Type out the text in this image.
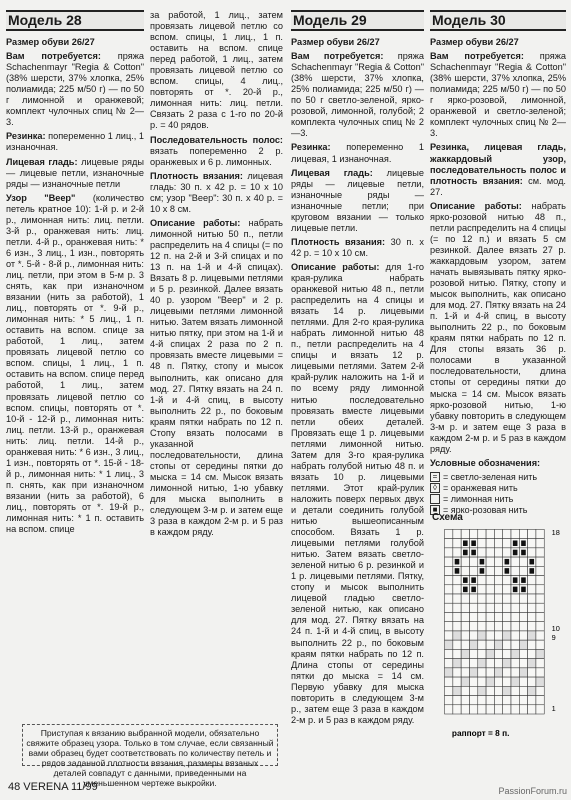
Модель 28

Размер обуви 26/27

Вам потребуется: пряжа Schachenmayr "Regia & Cotton" (38% шерсти, 37% хлопка, 25% полиамида; 225 м/50 г) — по 50 г лимонной и оранжевой; комплект чулочных спиц № 2—3.

Резинка: попеременно 1 лиц., 1 изнаночная.

Лицевая гладь: лицевые ряды — лицевые петли, изнаночные ряды — изнаночные петли

Узор "Веер" (количество петель кратное 10): 1-й р. и 2-й р., лимонная нить: лиц. петли. 3-й р., оранжевая нить: лиц. петли. 4-й р., оранжевая нить: * 6 изн., 3 лиц., 1 изн., повторять от *. 5-й - 8-й р., лимонная нить: лиц. петли, при этом в 5-м р. 3 снять, как при изнаночном вязании (нить за работой), 1 лиц., повторять от *. 9-й р., лимонная нить: * 5 лиц., 1 п. оставить на вспом. спице за работой, 1 лиц., затем провязать лицевой петлю со вспом. спицы, 1 лиц., 1 п. оставить на вспом. спице перед работой, 1 лиц., затем провязать лицевой петлю со вспом. спицы, повторять от *. 10-й - 12-й р., лимонная нить: лиц. петли. 13-й р., оранжевая нить: лиц. петли. 14-й р., оранжевая нить: * 6 изн., 3 лиц., 1 изн., повторять от *. 15-й - 18-й р., лимонная нить: * 1 лиц., 3 п. снять, как при изнаночном вязании (нить за работой), 6 лиц., повторять от *. 19-й р., лимонная нить: * 1 п. оставить на вспом. спице

за работой, 1 лиц., затем провязать лицевой петлю со вспом. спицы, 1 лиц., 1 п. оставить на вспом. спице перед работой, 1 лиц., затем провязать лицевой петлю со вспом. спицы, 4 лиц., повторять от *. 20-й р., лимонная нить: лиц. петли. Связать 2 раза с 1-го по 20-й р. = 40 рядов.

Последовательность полос: вязать попеременно 2 р. оранжевых и 6 р. лимонных.

Плотность вязания: лицевая гладь: 30 п. x 42 р. = 10 x 10 см; узор "Веер": 30 п. x 40 р. = 10 x 8 см.

Описание работы: набрать лимонной нитью 50 п., петли распределить на 4 спицы (= по 12 п. на 2-й и 3-й спицах и по 13 п. на 1-й и 4-й спицах). Вязать 8 р. лицевыми петлями и 5 р. резинкой. Далее вязать 40 р. узором "Веер" и 2 р. лицевыми петлями лимонной нитью. Затем вязать лимонной нитью пятку, при этом на 1-й и 4-й спицах 2 раза по 2 п. провязать вместе лицевыми = 48 п. Пятку, стопу и мысок выполнить, как описано для мод. 27. Пятку вязать на 24 п. 1-й и 4-й спиц, в высоту выполнить 22 р., по боковым краям пятки набрать по 12 п. Стопу вязать полосами в указанной последовательности, длина стопы от середины пятки до мыска = 14 см. Мысок вязать лимонной нитью, 1-ю убавку для мыска выполнить в следующем 3-м р. и затем еще 3 раза в каждом 2-м р. и 5 раз в каждом ряду.

Модель 29

Размер обуви 26/27

Вам потребуется: пряжа Schachenmayr "Regia & Cotton" (38% шерсти, 37% хлопка, 25% полиамида; 225 м/50 г) — по 50 г светло-зеленой, ярко-розовой, лимонной, голубой; 2 комплекта чулочных спиц № 2—3.

Резинка: попеременно 1 лицевая, 1 изнаночная.

Лицевая гладь: лицевые ряды — лицевые петли, изнаночные ряды — изнаночные петли; при круговом вязании — только лицевые петли.

Плотность вязания: 30 п. x 42 р. = 10 x 10 см.

Описание работы: для 1-го края-рулика набрать оранжевой нитью 48 п., петли распределить на 4 спицы и вязать 14 р. лицевыми петлями. Для 2-го края-рулика набрать лимонной нитью 48 п., петли распределить на 4 спицы и вязать 12 р. лицевыми петлями. Затем 2-й край-рулик наложить на 1-й и по всему ряду лимонной нитью последовательно провязать вместе лицевыми петли обеих деталей. Провязать еще 1 р. лицевыми петлями лимонной нитью. Затем для 3-го края-рулика набрать голубой нитью 48 п. и вязать 10 р. лицевыми петлями. Этот край-рулик наложить поверх первых двух и детали соединить голубой нитью вышеописанным способом. Вязать 1 р. лицевыми петлями голубой нитью. Затем вязать светло-зеленой нитью 6 р. резинкой и 1 р. лицевыми петлями. Пятку, стопу и мысок выполнить лицевой гладью светло-зеленой нитью, как описано для мод. 27. Пятку вязать на 24 п. 1-й и 4-й спиц, в высоту выполнить 22 р., по боковым краям пятки набрать по 12 п. Длина стопы от середины пятки до мыска = 14 см. Первую убавку для мыска повторить в следующем 3-м р., затем еще 3 раза в каждом 2-м р. и 5 раз в каждом ряду.

Модель 30

Размер обуви 26/27

Вам потребуется: пряжа Schachenmayr "Regia & Cotton" (38% шерсти, 37% хлопка, 25% полиамида; 225 м/50 г) — по 50 г ярко-розовой, лимонной, оранжевой и светло-зеленой; комплект чулочных спиц № 2—3.

Резинка, лицевая гладь, жаккардовый узор, последовательность полос и плотность вязания: см. мод. 27.

Описание работы: набрать ярко-розовой нитью 48 п., петли распределить на 4 спицы (= по 12 п.) и вязать 5 см резинкой. Далее вязать 27 р. жаккардовым узором, затем начать вывязывать пятку ярко-розовой нитью. Пятку, стопу и мысок выполнить, как описано для мод. 27. Пятку вязать на 24 п. 1-й и 4-й спиц, в высоту выполнить 22 р., по боковым краям пятки набрать по 12 п. Для стопы вязать 36 р. полосами в указанной последовательности, длина стопы от середины пятки до мыска = 14 см. Мысок вязать ярко-розовой нитью, 1-ю убавку повторить в следующем 3-м р. и затем еще 3 раза в каждом 2-м р. и 5 раз в каждом ряду.

Условные обозначения:

= = светло-зеленая нить
◊ = оранжевая нить
= лимонная нить
■ = ярко-розовая нить
Схема
18
10
9
1
раппорт = 8 п.
Приступая к вязанию выбранной модели, обязательно свяжите образец узора. Только в том случае, если связанный вами образец будет соответствовать по количеству петель и рядов заданной плотности вязания, размеры вязаных деталей совпадут с данными, приведенными на уменьшенном чертеже выкройки.
48 VERENA 11/99	PassionForum.ru
